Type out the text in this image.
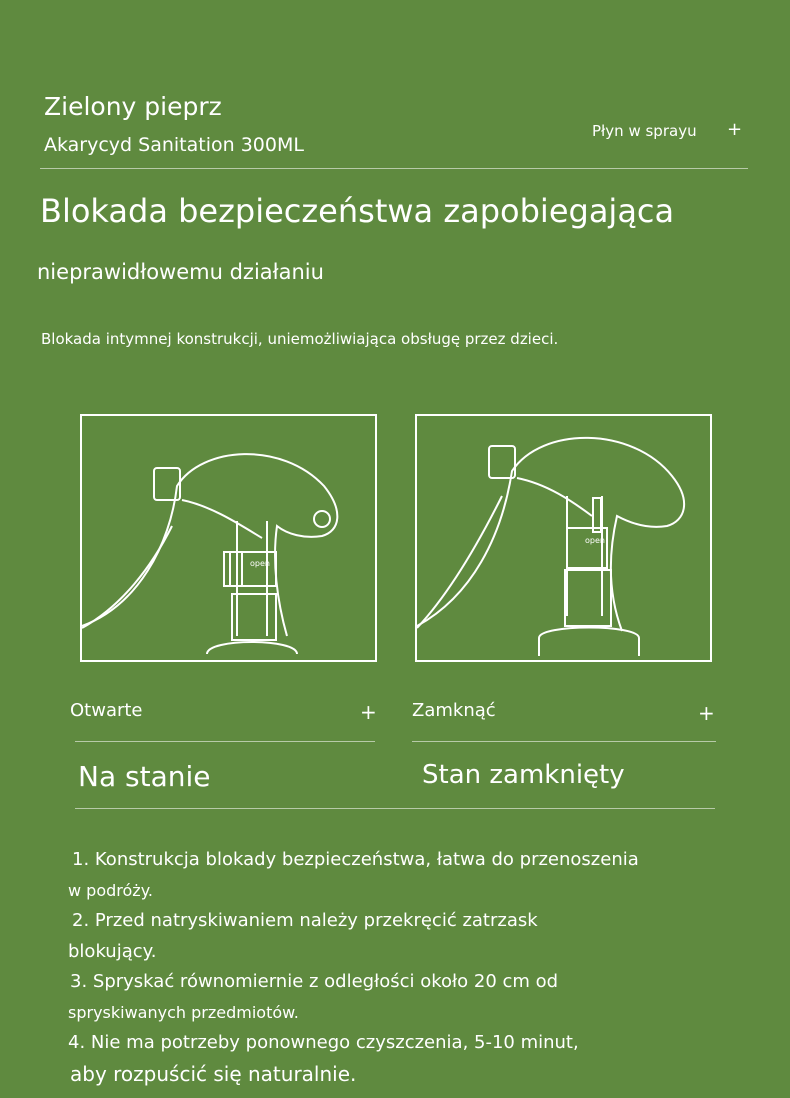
Zielony pieprz
Akarycyd Sanitation 300ML
Płyn w sprayu +
Blokada bezpieczeństwa zapobiegająca
nieprawidłowemu działaniu
Blokada intymnej konstrukcji, uniemożliwiająca obsługę przez dzieci.
open
open
Otwarte	+ Zamknąć	+
Na stanie	Stan zamknięty

1. Konstrukcja blokady bezpieczeństwa, łatwa do przenoszenia

w podróży.

2. Przed natryskiwaniem należy przekręcić zatrzask

blokujący.

3. Spryskać równomiernie z odległości około 20 cm od

spryskiwanych przedmiotów.

4. Nie ma potrzeby ponownego czyszczenia, 5-10 minut,

aby rozpuścić się naturalnie.
